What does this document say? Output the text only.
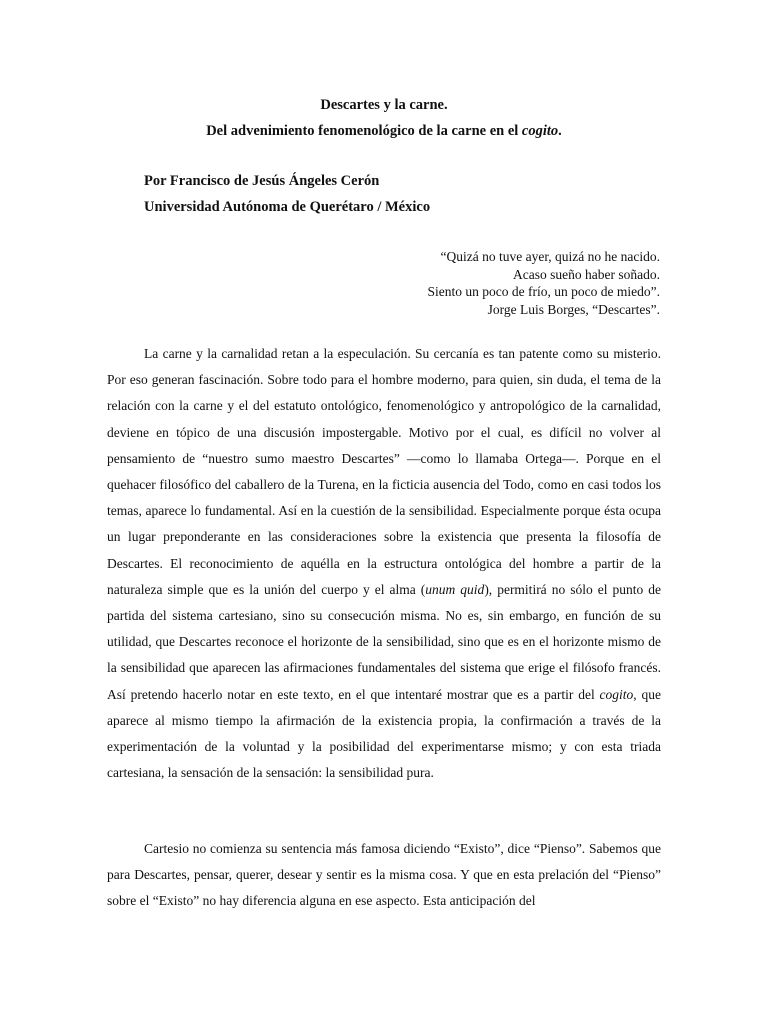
Descartes y la carne.
Del advenimiento fenomenológico de la carne en el cogito.
Por Francisco de Jesús Ángeles Cerón
Universidad Autónoma de Querétaro / México
“Quizá no tuve ayer, quizá no he nacido.
Acaso sueño haber soñado.
Siento un poco de frío, un poco de miedo”.
Jorge Luis Borges, “Descartes”.

La carne y la carnalidad retan a la especulación. Su cercanía es tan patente como su misterio. Por eso generan fascinación. Sobre todo para el hombre moderno, para quien, sin duda, el tema de la relación con la carne y el del estatuto ontológico, fenomenológico y antropológico de la carnalidad, deviene en tópico de una discusión impostergable. Motivo por el cual, es difícil no volver al pensamiento de “nuestro sumo maestro Descartes” —como lo llamaba Ortega—. Porque en el quehacer filosófico del caballero de la Turena, en la ficticia ausencia del Todo, como en casi todos los temas, aparece lo fundamental. Así en la cuestión de la sensibilidad. Especialmente porque ésta ocupa un lugar preponderante en las consideraciones sobre la existencia que presenta la filosofía de Descartes. El reconocimiento de aquélla en la estructura ontológica del hombre a partir de la naturaleza simple que es la unión del cuerpo y el alma (unum quid), permitirá no sólo el punto de partida del sistema cartesiano, sino su consecución misma. No es, sin embargo, en función de su utilidad, que Descartes reconoce el horizonte de la sensibilidad, sino que es en el horizonte mismo de la sensibilidad que aparecen las afirmaciones fundamentales del sistema que erige el filósofo francés. Así pretendo hacerlo notar en este texto, en el que intentaré mostrar que es a partir del cogito, que aparece al mismo tiempo la afirmación de la existencia propia, la confirmación a través de la experimentación de la voluntad y la posibilidad del experimentarse mismo; y con esta triada cartesiana, la sensación de la sensación: la sensibilidad pura.

Cartesio no comienza su sentencia más famosa diciendo “Existo”, dice “Pienso”. Sabemos que para Descartes, pensar, querer, desear y sentir es la misma cosa. Y que en esta prelación del “Pienso” sobre el “Existo” no hay diferencia alguna en ese aspecto. Esta anticipación del
